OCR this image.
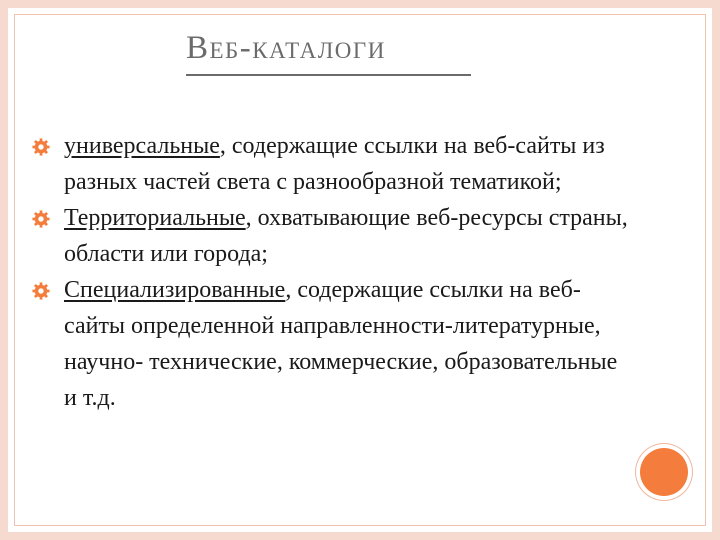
Веб-каталоги
универсальные, содержащие ссылки на веб-сайты из разных частей света с разнообразной тематикой;
Территориальные, охватывающие веб-ресурсы страны, области или города;
Специализированные, содержащие ссылки на веб-сайты определенной направленности-литературные, научно- технические, коммерческие, образовательные и т.д.
